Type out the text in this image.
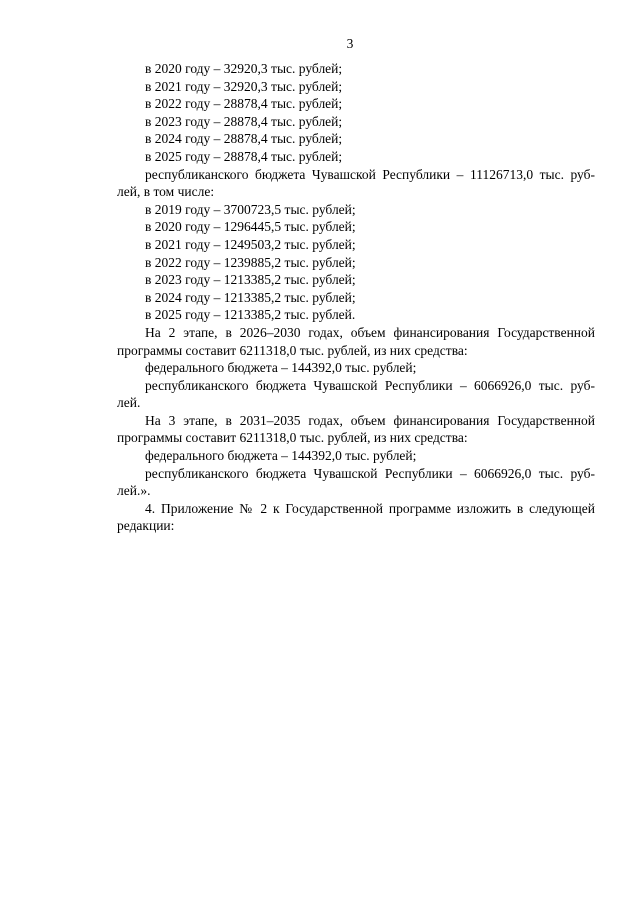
3
в 2020 году – 32920,3 тыс. рублей;
в 2021 году – 32920,3 тыс. рублей;
в 2022 году – 28878,4 тыс. рублей;
в 2023 году – 28878,4 тыс. рублей;
в 2024 году – 28878,4 тыс. рублей;
в 2025 году – 28878,4 тыс. рублей;
республиканского бюджета Чувашской Республики – 11126713,0 тыс. руб-
лей, в том числе:
в 2019 году – 3700723,5 тыс. рублей;
в 2020 году – 1296445,5 тыс. рублей;
в 2021 году – 1249503,2 тыс. рублей;
в 2022 году – 1239885,2 тыс. рублей;
в 2023 году – 1213385,2 тыс. рублей;
в 2024 году – 1213385,2 тыс. рублей;
в 2025 году – 1213385,2 тыс. рублей.
На 2 этапе, в 2026–2030 годах, объем финансирования Государственной
программы составит 6211318,0 тыс. рублей, из них средства:
федерального бюджета – 144392,0 тыс. рублей;
республиканского бюджета Чувашской Республики – 6066926,0 тыс. руб-
лей.
На 3 этапе, в 2031–2035 годах, объем финансирования Государственной
программы составит 6211318,0 тыс. рублей, из них средства:
федерального бюджета – 144392,0 тыс. рублей;
республиканского бюджета Чувашской Республики – 6066926,0 тыс. руб-
лей.».
4. Приложение № 2 к Государственной программе изложить в следующей
редакции:
